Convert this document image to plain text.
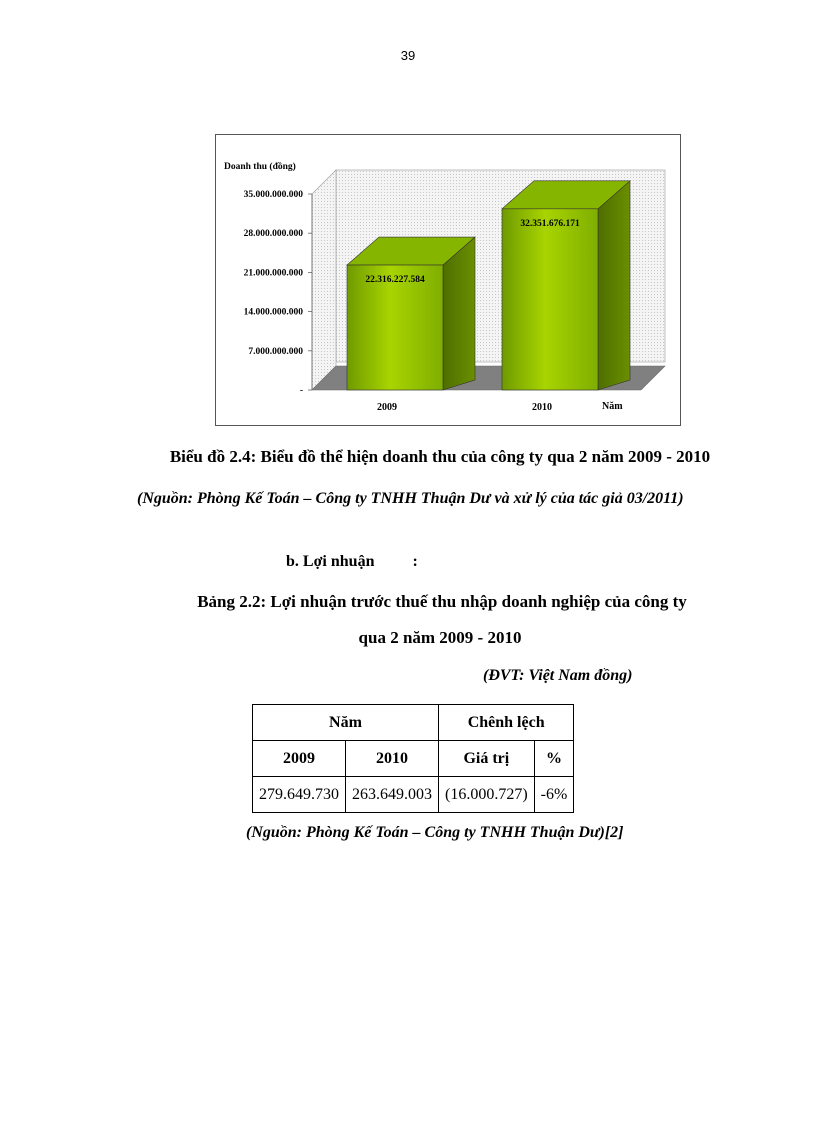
39
-
7.000.000.000
14.000.000.000
21.000.000.000
28.000.000.000
35.000.000.000
22.316.227.584
2009
32.351.676.171
2010
Doanh thu (đồng)
Năm
Biểu đồ 2.4: Biểu đồ thể hiện doanh thu của công ty qua 2 năm 2009 - 2010
(Nguồn: Phòng Kế Toán – Công ty TNHH Thuận Dư và xử lý của tác giả 03/2011)
b. Lợi nhuận :
Bảng 2.2: Lợi nhuận trước thuế thu nhập doanh nghiệp của công ty
qua 2 năm 2009 - 2010
(ĐVT: Việt Nam đồng)
Năm		Chênh lệch	
2009	2010	Giá trị	%
279.649.730	263.649.003	(16.000.727)	-6%
(Nguồn: Phòng Kế Toán – Công ty TNHH Thuận Dư)[2]
